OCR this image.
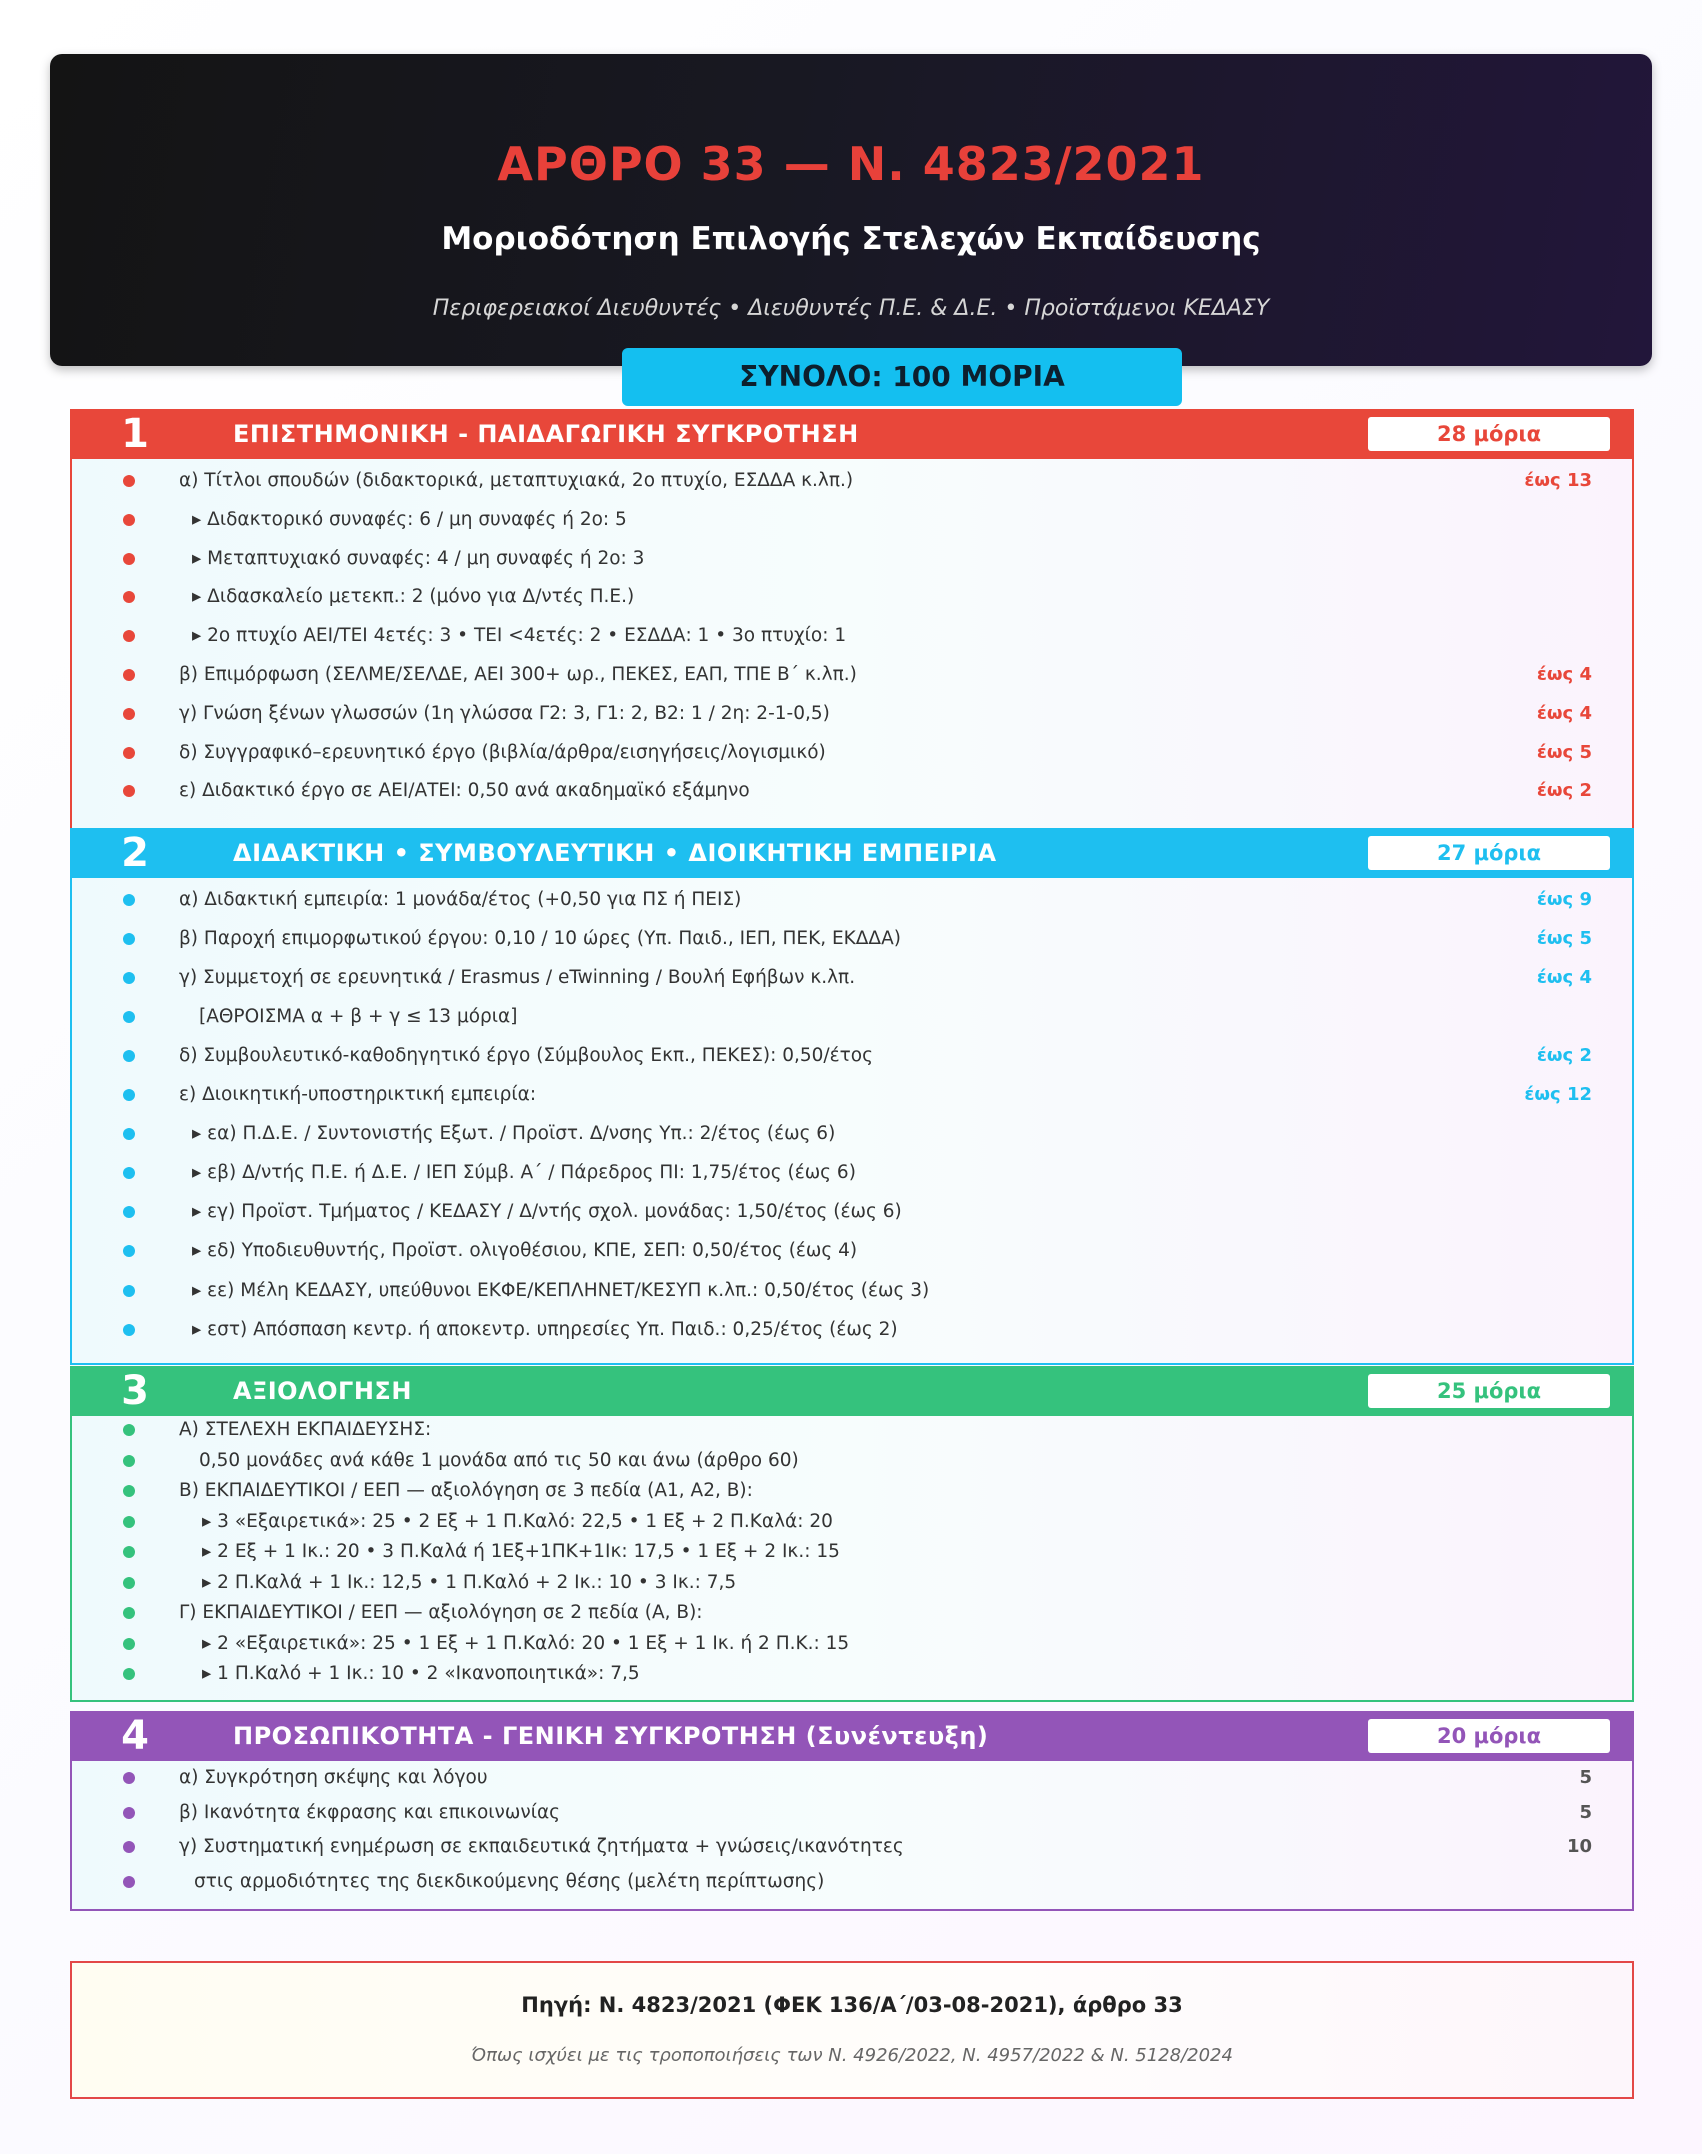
ΑΡΘΡΟ 33 — Ν. 4823/2021
Μοριοδότηση Επιλογής Στελεχών Εκπαίδευσης
Περιφερειακοί Διευθυντές • Διευθυντές Π.Ε. & Δ.Ε. • Προϊστάμενοι ΚΕΔΑΣΥ
ΣΥΝΟΛΟ: 100 ΜΟΡΙΑ
1	ΕΠΙΣΤΗΜΟΝΙΚΗ - ΠΑΙΔΑΓΩΓΙΚΗ ΣΥΓΚΡΟΤΗΣΗ	28 μόρια
α) Τίτλοι σπουδών (διδακτορικά, μεταπτυχιακά, 2ο πτυχίο, ΕΣΔΔΑ κ.λπ.)	έως 13
▸ Διδακτορικό συναφές: 6 / μη συναφές ή 2ο: 5
▸ Μεταπτυχιακό συναφές: 4 / μη συναφές ή 2ο: 3
▸ Διδασκαλείο μετεκπ.: 2 (μόνο για Δ/ντές Π.Ε.)
▸ 2ο πτυχίο ΑΕΙ/ΤΕΙ 4ετές: 3 • ΤΕΙ <4ετές: 2 • ΕΣΔΔΑ: 1 • 3ο πτυχίο: 1
β) Επιμόρφωση (ΣΕΛΜΕ/ΣΕΛΔΕ, ΑΕΙ 300+ ωρ., ΠΕΚΕΣ, ΕΑΠ, ΤΠΕ Β΄ κ.λπ.)	έως 4
γ) Γνώση ξένων γλωσσών (1η γλώσσα Γ2: 3, Γ1: 2, Β2: 1 / 2η: 2-1-0,5)	έως 4
δ) Συγγραφικό–ερευνητικό έργο (βιβλία/άρθρα/εισηγήσεις/λογισμικό)	έως 5
ε) Διδακτικό έργο σε ΑΕΙ/ΑΤΕΙ: 0,50 ανά ακαδημαϊκό εξάμηνο	έως 2
2	ΔΙΔΑΚΤΙΚΗ • ΣΥΜΒΟΥΛΕΥΤΙΚΗ • ΔΙΟΙΚΗΤΙΚΗ ΕΜΠΕΙΡΙΑ	27 μόρια
α) Διδακτική εμπειρία: 1 μονάδα/έτος (+0,50 για ΠΣ ή ΠΕΙΣ)	έως 9
β) Παροχή επιμορφωτικού έργου: 0,10 / 10 ώρες (Υπ. Παιδ., ΙΕΠ, ΠΕΚ, ΕΚΔΔΑ)	έως 5
γ) Συμμετοχή σε ερευνητικά / Erasmus / eTwinning / Βουλή Εφήβων κ.λπ.	έως 4
[ΑΘΡΟΙΣΜΑ α + β + γ ≤ 13 μόρια]
δ) Συμβουλευτικό-καθοδηγητικό έργο (Σύμβουλος Εκπ., ΠΕΚΕΣ): 0,50/έτος	έως 2
ε) Διοικητική-υποστηρικτική εμπειρία:	έως 12
▸ εα) Π.Δ.Ε. / Συντονιστής Εξωτ. / Προϊστ. Δ/νσης Υπ.: 2/έτος (έως 6)
▸ εβ) Δ/ντής Π.Ε. ή Δ.Ε. / ΙΕΠ Σύμβ. Α΄ / Πάρεδρος ΠΙ: 1,75/έτος (έως 6)
▸ εγ) Προϊστ. Τμήματος / ΚΕΔΑΣΥ / Δ/ντής σχολ. μονάδας: 1,50/έτος (έως 6)
▸ εδ) Υποδιευθυντής, Προϊστ. ολιγοθέσιου, ΚΠΕ, ΣΕΠ: 0,50/έτος (έως 4)
▸ εε) Μέλη ΚΕΔΑΣΥ, υπεύθυνοι ΕΚΦΕ/ΚΕΠΛΗΝΕΤ/ΚΕΣΥΠ κ.λπ.: 0,50/έτος (έως 3)
▸ εστ) Απόσπαση κεντρ. ή αποκεντρ. υπηρεσίες Υπ. Παιδ.: 0,25/έτος (έως 2)
3	ΑΞΙΟΛΟΓΗΣΗ	25 μόρια
Α) ΣΤΕΛΕΧΗ ΕΚΠΑΙΔΕΥΣΗΣ:
0,50 μονάδες ανά κάθε 1 μονάδα από τις 50 και άνω (άρθρο 60)
Β) ΕΚΠΑΙΔΕΥΤΙΚΟΙ / ΕΕΠ — αξιολόγηση σε 3 πεδία (Α1, Α2, Β):
▸ 3 «Εξαιρετικά»: 25 • 2 Εξ + 1 Π.Καλό: 22,5 • 1 Εξ + 2 Π.Καλά: 20
▸ 2 Εξ + 1 Ικ.: 20 • 3 Π.Καλά ή 1Εξ+1ΠΚ+1Ικ: 17,5 • 1 Εξ + 2 Ικ.: 15
▸ 2 Π.Καλά + 1 Ικ.: 12,5 • 1 Π.Καλό + 2 Ικ.: 10 • 3 Ικ.: 7,5
Γ) ΕΚΠΑΙΔΕΥΤΙΚΟΙ / ΕΕΠ — αξιολόγηση σε 2 πεδία (Α, Β):
▸ 2 «Εξαιρετικά»: 25 • 1 Εξ + 1 Π.Καλό: 20 • 1 Εξ + 1 Ικ. ή 2 Π.Κ.: 15
▸ 1 Π.Καλό + 1 Ικ.: 10 • 2 «Ικανοποιητικά»: 7,5
4	ΠΡΟΣΩΠΙΚΟΤΗΤΑ - ΓΕΝΙΚΗ ΣΥΓΚΡΟΤΗΣΗ (Συνέντευξη)	20 μόρια
α) Συγκρότηση σκέψης και λόγου	5
β) Ικανότητα έκφρασης και επικοινωνίας	5
γ) Συστηματική ενημέρωση σε εκπαιδευτικά ζητήματα + γνώσεις/ικανότητες	10
στις αρμοδιότητες της διεκδικούμενης θέσης (μελέτη περίπτωσης)
Πηγή: Ν. 4823/2021 (ΦΕΚ 136/Α΄/03-08-2021), άρθρο 33
Όπως ισχύει με τις τροποποιήσεις των Ν. 4926/2022, Ν. 4957/2022 & Ν. 5128/2024
